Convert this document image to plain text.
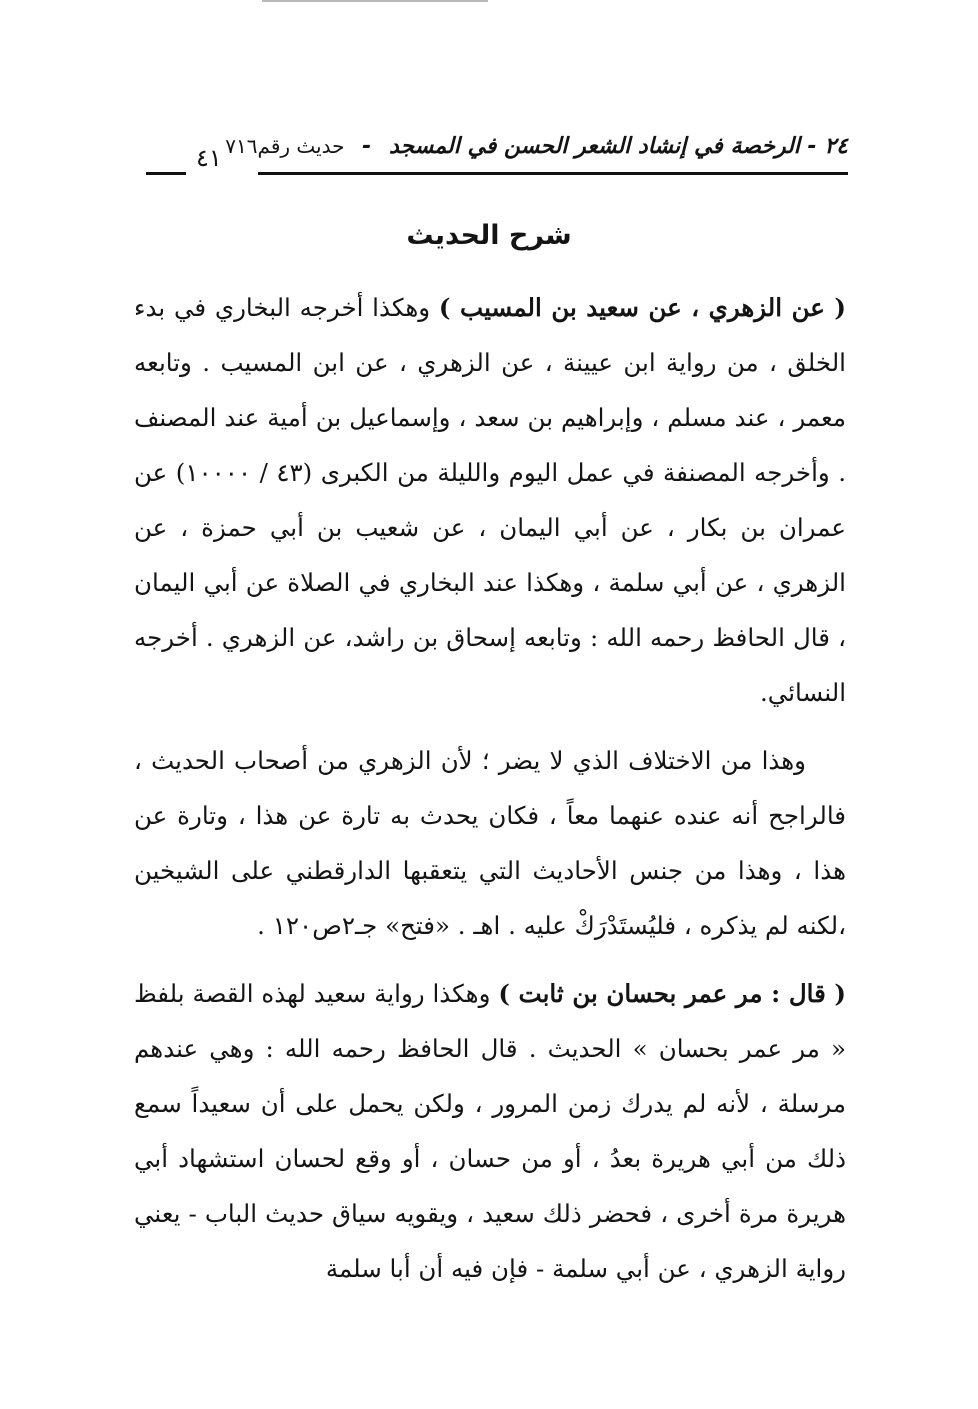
٢٤ - الرخصة في إنشاد الشعر الحسن في المسجد - حديث رقم٧١٦
٤١
شرح الحديث

( عن الزهري ، عن سعيد بن المسيب ) وهكذا أخرجه البخاري في بدء الخلق ، من رواية ابن عيينة ، عن الزهري ، عن ابن المسيب . وتابعه معمر ، عند مسلم ، وإبراهيم بن سعد ، وإسماعيل بن أمية عند المصنف . وأخرجه المصنفة في عمل اليوم والليلة من الكبرى (٤٣ / ١٠٠٠٠) عن عمران بن بكار ، عن أبي اليمان ، عن شعيب بن أبي حمزة ، عن الزهري ، عن أبي سلمة ، وهكذا عند البخاري في الصلاة عن أبي اليمان ، قال الحافظ رحمه الله : وتابعه إسحاق بن راشد، عن الزهري . أخرجه النسائي.

وهذا من الاختلاف الذي لا يضر ؛ لأن الزهري من أصحاب الحديث ، فالراجح أنه عنده عنهما معاً ، فكان يحدث به تارة عن هذا ، وتارة عن هذا ، وهذا من جنس الأحاديث التي يتعقبها الدارقطني على الشيخين ،لكنه لم يذكره ، فليُستَدْرَكْ عليه . اهـ . «فتح» جـ٢ص١٢٠ .

( قال : مر عمر بحسان بن ثابت ) وهكذا رواية سعيد لهذه القصة بلفظ « مر عمر بحسان » الحديث . قال الحافظ رحمه الله : وهي عندهم مرسلة ، لأنه لم يدرك زمن المرور ، ولكن يحمل على أن سعيداً سمع ذلك من أبي هريرة بعدُ ، أو من حسان ، أو وقع لحسان استشهاد أبي هريرة مرة أخرى ، فحضر ذلك سعيد ، ويقويه سياق حديث الباب - يعني رواية الزهري ، عن أبي سلمة - فإن فيه أن أبا سلمة
